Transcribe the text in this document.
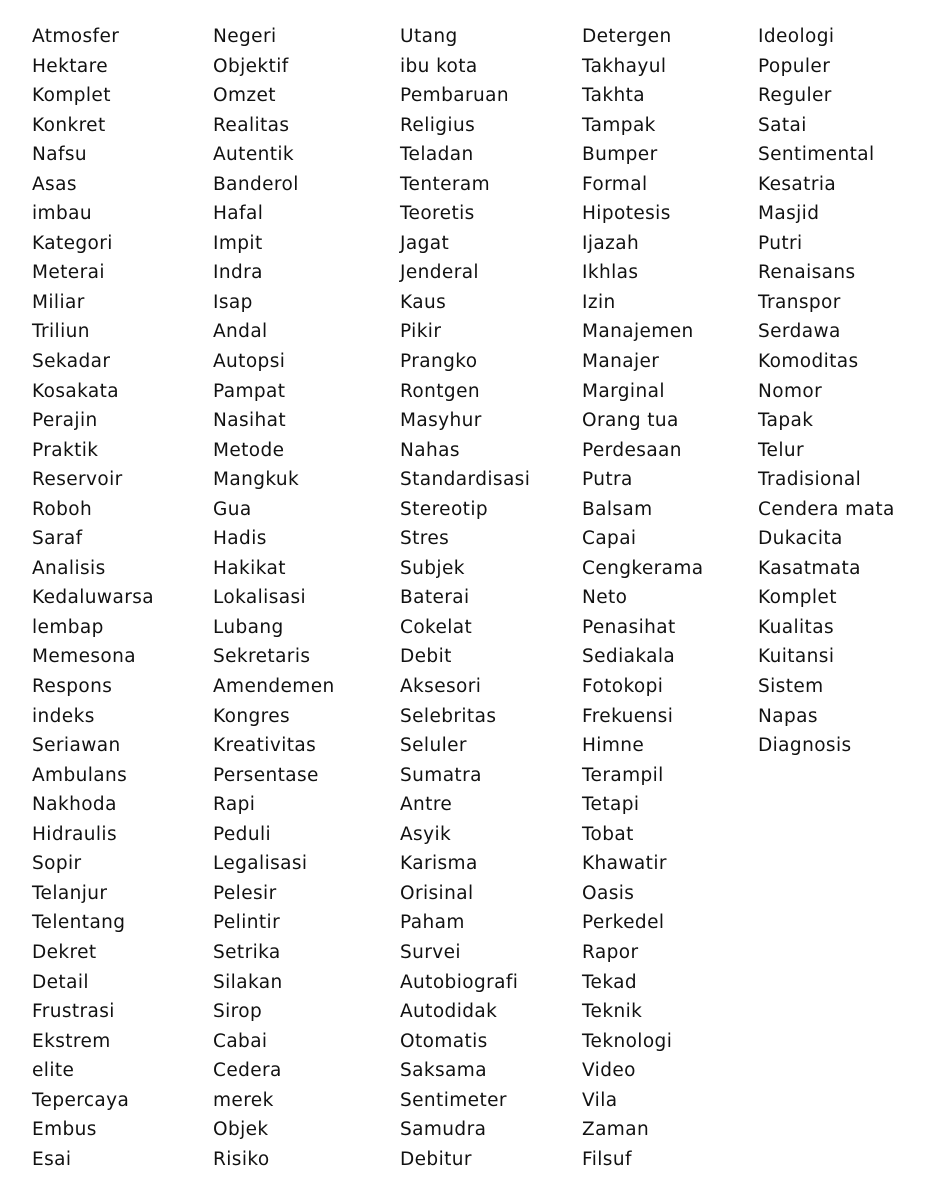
Atmosfer
Hektare
Komplet
Konkret
Nafsu
Asas
imbau
Kategori
Meterai
Miliar
Triliun
Sekadar
Kosakata
Perajin
Praktik
Reservoir
Roboh
Saraf
Analisis
Kedaluwarsa
lembap
Memesona
Respons
indeks
Seriawan
Ambulans
Nakhoda
Hidraulis
Sopir
Telanjur
Telentang
Dekret
Detail
Frustrasi
Ekstrem
elite
Tepercaya
Embus
Esai
Negeri
Objektif
Omzet
Realitas
Autentik
Banderol
Hafal
Impit
Indra
Isap
Andal
Autopsi
Pampat
Nasihat
Metode
Mangkuk
Gua
Hadis
Hakikat
Lokalisasi
Lubang
Sekretaris
Amendemen
Kongres
Kreativitas
Persentase
Rapi
Peduli
Legalisasi
Pelesir
Pelintir
Setrika
Silakan
Sirop
Cabai
Cedera
merek
Objek
Risiko
Utang
ibu kota
Pembaruan
Religius
Teladan
Tenteram
Teoretis
Jagat
Jenderal
Kaus
Pikir
Prangko
Rontgen
Masyhur
Nahas
Standardisasi
Stereotip
Stres
Subjek
Baterai
Cokelat
Debit
Aksesori
Selebritas
Seluler
Sumatra
Antre
Asyik
Karisma
Orisinal
Paham
Survei
Autobiografi
Autodidak
Otomatis
Saksama
Sentimeter
Samudra
Debitur
Detergen
Takhayul
Takhta
Tampak
Bumper
Formal
Hipotesis
Ijazah
Ikhlas
Izin
Manajemen
Manajer
Marginal
Orang tua
Perdesaan
Putra
Balsam
Capai
Cengkerama
Neto
Penasihat
Sediakala
Fotokopi
Frekuensi
Himne
Terampil
Tetapi
Tobat
Khawatir
Oasis
Perkedel
Rapor
Tekad
Teknik
Teknologi
Video
Vila
Zaman
Filsuf
Ideologi
Populer
Reguler
Satai
Sentimental
Kesatria
Masjid
Putri
Renaisans
Transpor
Serdawa
Komoditas
Nomor
Tapak
Telur
Tradisional
Cendera mata
Dukacita
Kasatmata
Komplet
Kualitas
Kuitansi
Sistem
Napas
Diagnosis
